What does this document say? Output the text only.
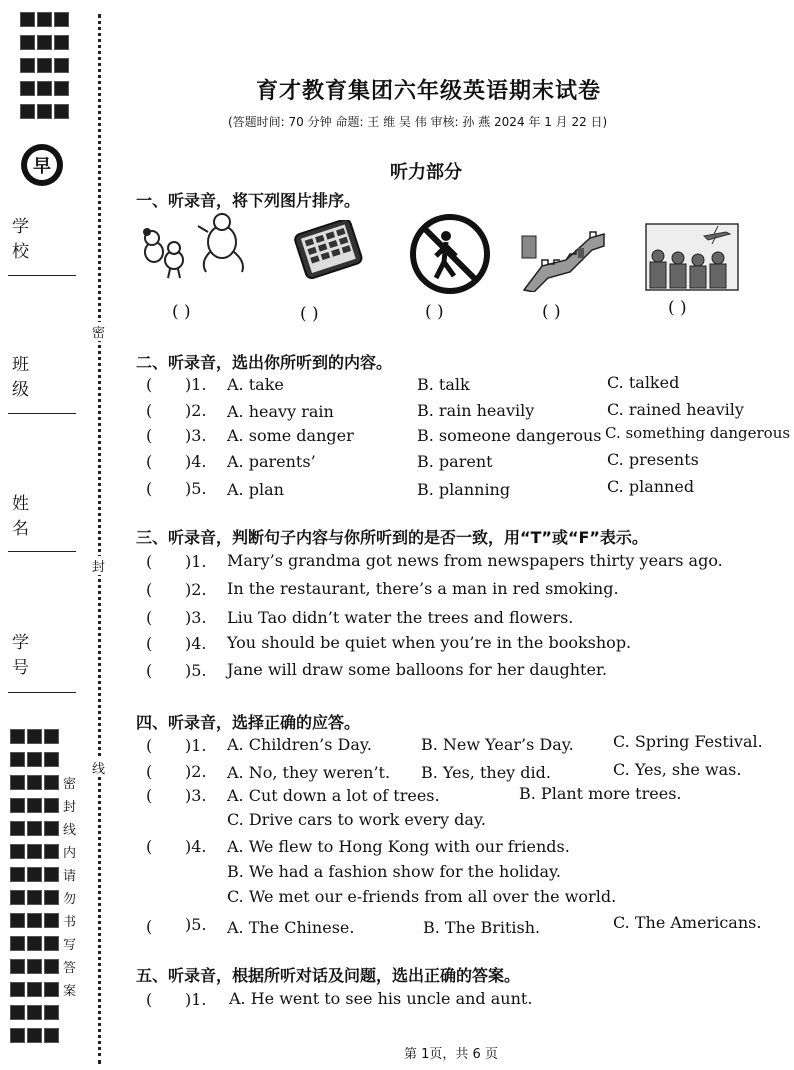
早
学 校
班 级
姓 名
学 号
密
封
线
内
请
勿
书
写
答
案
密
封
线
育才教育集团六年级英语期末试卷
(答题时间: 70 分钟 命题: 王 维 吴 伟 审核: 孙 燕 2024 年 1 月 22 日)
听力部分
一、听录音，将下列图片排序。
( )	( )	( )	( )	( )
二、听录音，选出你所听到的内容。
( )1. A. take	B. talk	C. talked
( )2. A. heavy rain	B. rain heavily	C. rained heavily
( )3. A. some danger	B. someone dangerous C. something dangerous
( )4. A. parents’	B. parent	C. presents
( )5. A. plan	B. planning	C. planned
三、听录音，判断句子内容与你所听到的是否一致，用“T”或“F”表示。
( )1. Mary’s grandma got news from newspapers thirty years ago.
( )2. In the restaurant, there’s a man in red smoking.
( )3. Liu Tao didn’t water the trees and flowers.
( )4. You should be quiet when you’re in the bookshop.
( )5. Jane will draw some balloons for her daughter.
四、听录音，选择正确的应答。
( )1. A. Children’s Day.	B. New Year’s Day. C. Spring Festival.
( )2. A. No, they weren’t. B. Yes, they did.	C. Yes, she was.
( )3. A. Cut down a lot of trees.	B. Plant more trees.
C. Drive cars to work every day.
( )4. A. We flew to Hong Kong with our friends.
B. We had a fashion show for the holiday.
C. We met our e-friends from all over the world.
( )5. A. The Chinese.	B. The British.	C. The Americans.
五、听录音，根据所听对话及问题，选出正确的答案。
( )1. A. He went to see his uncle and aunt.
第 1页，共 6 页
